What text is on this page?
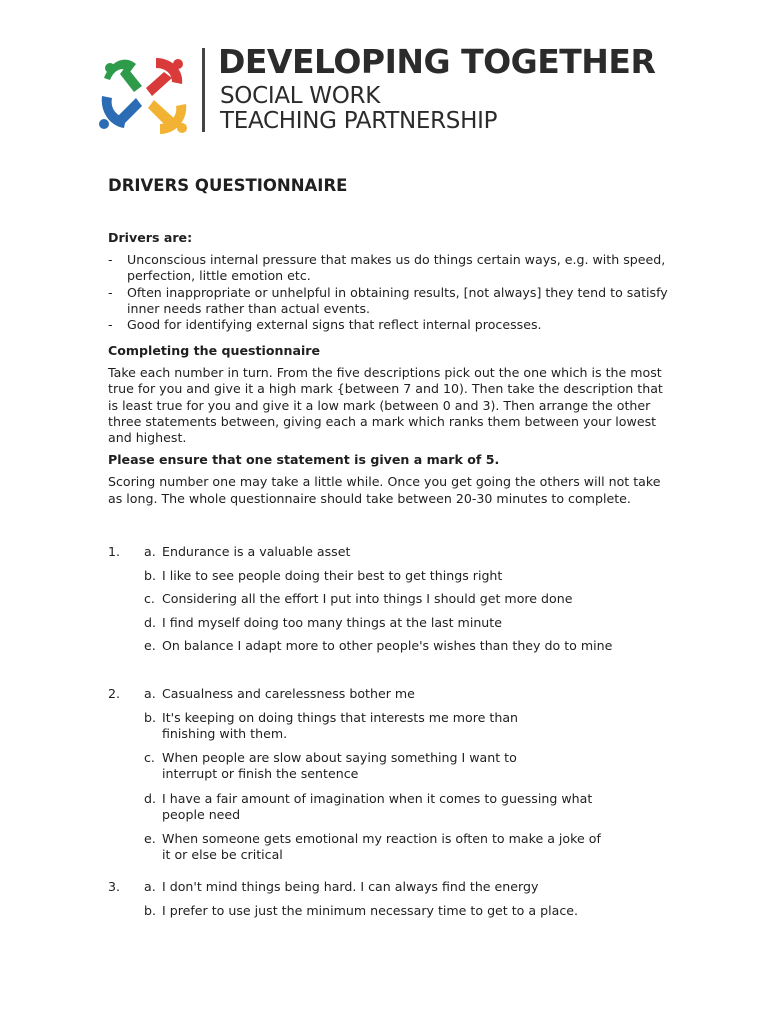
DEVELOPING TOGETHER
SOCIAL WORK
TEACHING PARTNERSHIP
DRIVERS QUESTIONNAIRE

Drivers are:

- Unconscious internal pressure that makes us do things certain ways, e.g. with speed, perfection, little emotion etc.
- Often inappropriate or unhelpful in obtaining results, [not always] they tend to satisfy inner needs rather than actual events.
- Good for identifying external signs that reflect internal processes.

Completing the questionnaire

Take each number in turn. From the five descriptions pick out the one which is the most true for you and give it a high mark {between 7 and 10). Then take the description that is least true for you and give it a low mark (between 0 and 3). Then arrange the other three statements between, giving each a mark which ranks them between your lowest and highest.

Please ensure that one statement is given a mark of 5.

Scoring number one may take a little while. Once you get going the others will not take as long. The whole questionnaire should take between 20-30 minutes to complete.

1. a. Endurance is a valuable asset
b. I like to see people doing their best to get things right
c. Considering all the effort I put into things I should get more done
d. I find myself doing too many things at the last minute
e. On balance I adapt more to other people's wishes than they do to mine
2. a. Casualness and carelessness bother me
b. It's keeping on doing things that interests me more than finishing with them.
c. When people are slow about saying something I want to interrupt or finish the sentence
d. I have a fair amount of imagination when it comes to guessing what people need
e. When someone gets emotional my reaction is often to make a joke of it or else be critical
3. a. I don't mind things being hard. I can always find the energy
b. I prefer to use just the minimum necessary time to get to a place.
